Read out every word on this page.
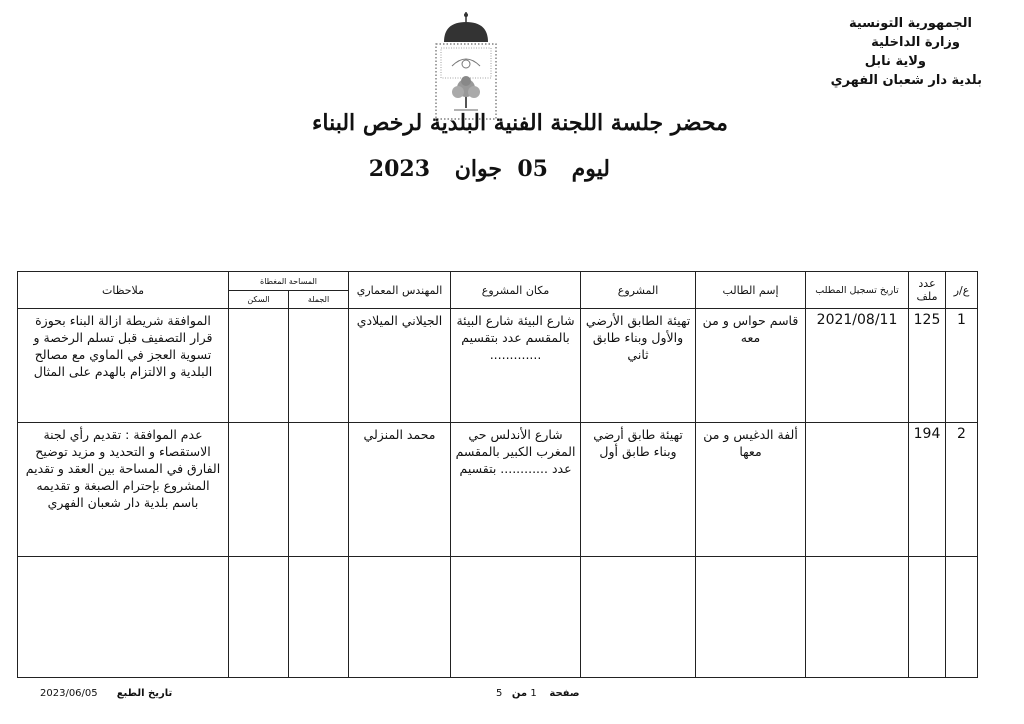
الجمهورية التونسية
وزارة الداخلية
ولاية نابل
بلدية دار شعبان الفهري
محضر جلسة اللجنة الفنية البلدية لرخص البناء
ليوم
05
جوان
2023
ع/ر	عدد ملف	تاريخ تسجيل المطلب	إسم الطالب	المشروع	مكان المشروع	المهندس المعماري	المساحة المغطاة		ملاحظات
							الجملة	السكن	
1	125	2021/08/11	قاسم حواس و من معه	تهيئة الطابق الأرضي والأول وبناء طابق ثاني	شارع البيئة شارع البيئة بالمقسم عدد بتقسيم .............	الجيلاني الميلادي			الموافقة شريطة ازالة البناء بحوزة قرار التصفيف قبل تسلم الرخصة و تسوية العجز في الماوي مع مصالح البلدية و الالتزام بالهدم على المثال
2	194		ألفة الدغيس و من معها	تهيئة طابق أرضي وبناء طابق أول	شارع الأندلس حي المغرب الكبير بالمقسم عدد ............ بتقسيم	محمد المنزلي			عدم الموافقة : تقديم رأي لجنة الاستقصاء و التحديد و مزيد توضيح الفارق في المساحة بين العقد و تقديم المشروع بإحترام الصبغة و تقديمه باسم بلدية دار شعبان الفهري

2023/06/05 تاريخ الطبع	صفحة    1 من   5
